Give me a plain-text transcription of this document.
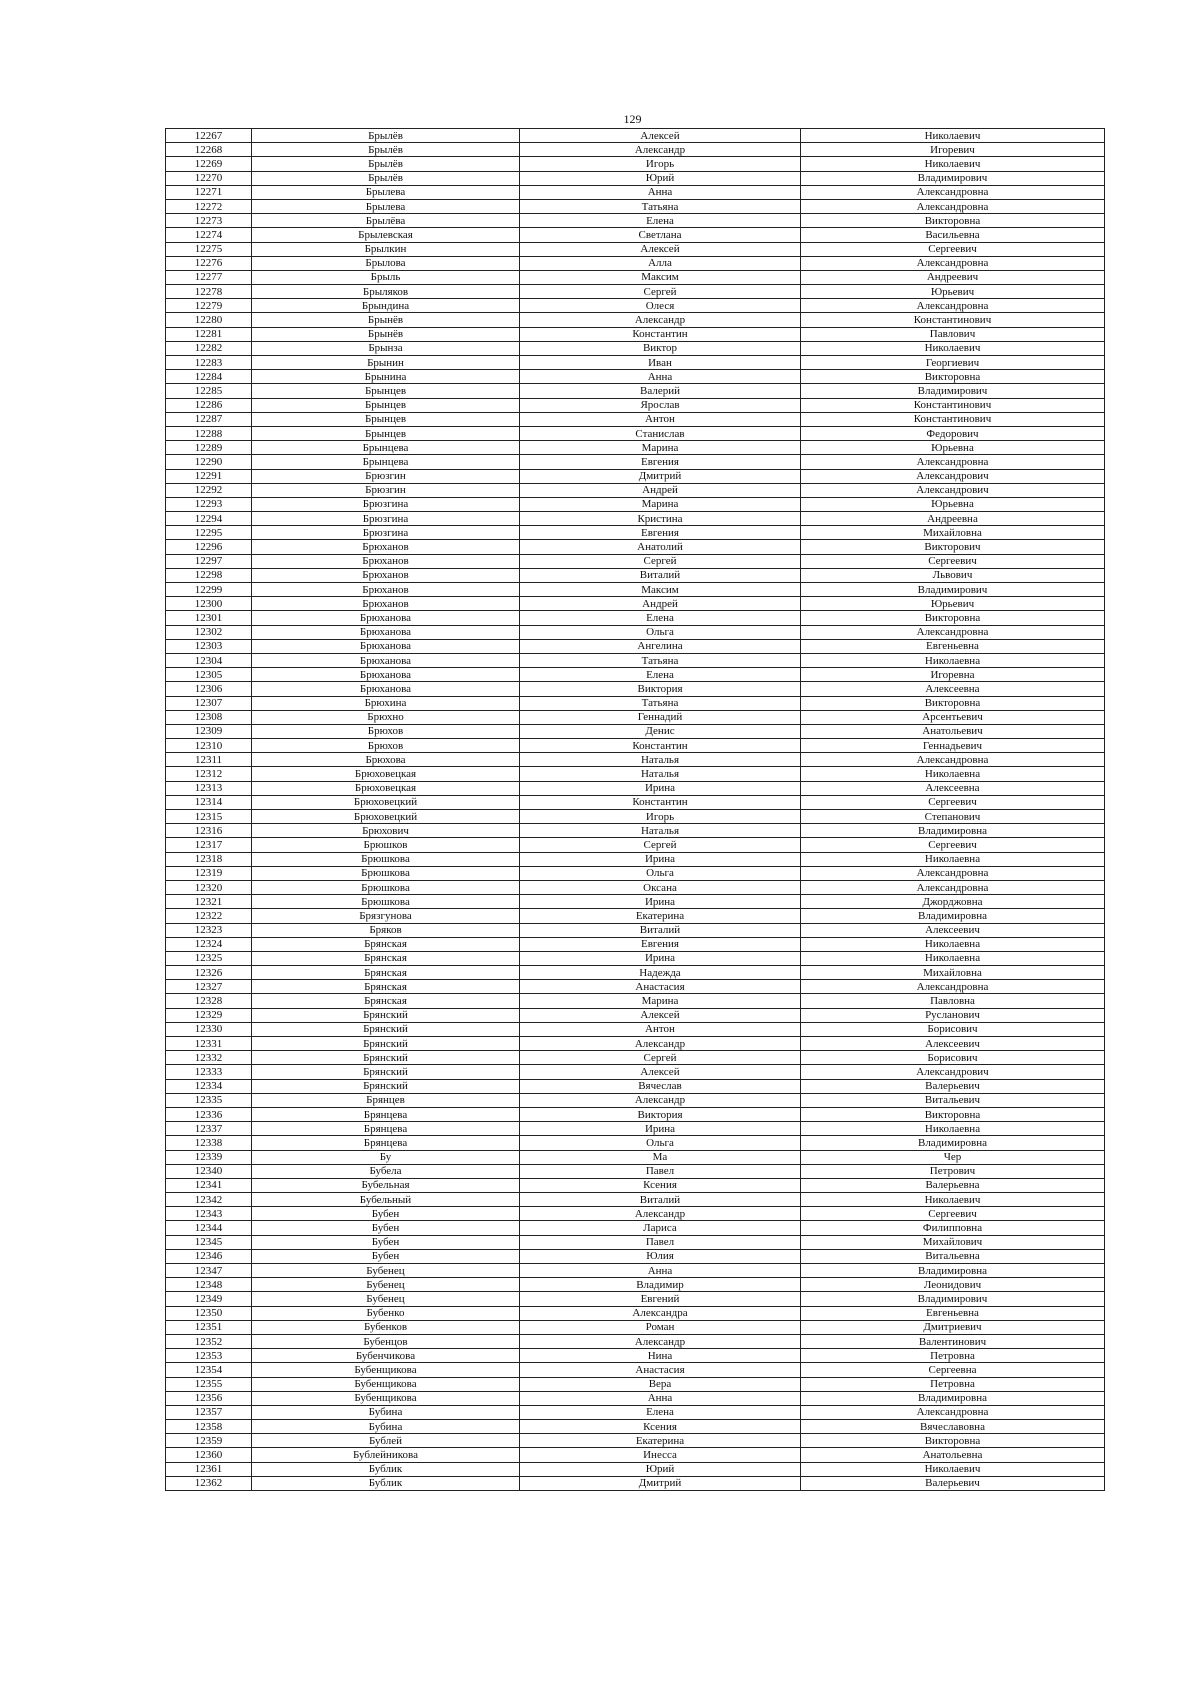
129
12267	Брылёв	Алексей	Николаевич
12268	Брылёв	Александр	Игоревич
12269	Брылёв	Игорь	Николаевич
12270	Брылёв	Юрий	Владимирович
12271	Брылева	Анна	Александровна
12272	Брылева	Татьяна	Александровна
12273	Брылёва	Елена	Викторовна
12274	Брылевская	Светлана	Васильевна
12275	Брылкин	Алексей	Сергеевич
12276	Брылова	Алла	Александровна
12277	Брыль	Максим	Андреевич
12278	Брыляков	Сергей	Юрьевич
12279	Брындина	Олеся	Александровна
12280	Брынёв	Александр	Константинович
12281	Брынёв	Константин	Павлович
12282	Брынза	Виктор	Николаевич
12283	Брынин	Иван	Георгиевич
12284	Брынина	Анна	Викторовна
12285	Брынцев	Валерий	Владимирович
12286	Брынцев	Ярослав	Константинович
12287	Брынцев	Антон	Константинович
12288	Брынцев	Станислав	Федорович
12289	Брынцева	Марина	Юрьевна
12290	Брынцева	Евгения	Александровна
12291	Брюзгин	Дмитрий	Александрович
12292	Брюзгин	Андрей	Александрович
12293	Брюзгина	Марина	Юрьевна
12294	Брюзгина	Кристина	Андреевна
12295	Брюзгина	Евгения	Михайловна
12296	Брюханов	Анатолий	Викторович
12297	Брюханов	Сергей	Сергеевич
12298	Брюханов	Виталий	Львович
12299	Брюханов	Максим	Владимирович
12300	Брюханов	Андрей	Юрьевич
12301	Брюханова	Елена	Викторовна
12302	Брюханова	Ольга	Александровна
12303	Брюханова	Ангелина	Евгеньевна
12304	Брюханова	Татьяна	Николаевна
12305	Брюханова	Елена	Игоревна
12306	Брюханова	Виктория	Алексеевна
12307	Брюхина	Татьяна	Викторовна
12308	Брюхно	Геннадий	Арсентьевич
12309	Брюхов	Денис	Анатольевич
12310	Брюхов	Константин	Геннадьевич
12311	Брюхова	Наталья	Александровна
12312	Брюховецкая	Наталья	Николаевна
12313	Брюховецкая	Ирина	Алексеевна
12314	Брюховецкий	Константин	Сергеевич
12315	Брюховецкий	Игорь	Степанович
12316	Брюхович	Наталья	Владимировна
12317	Брюшков	Сергей	Сергеевич
12318	Брюшкова	Ирина	Николаевна
12319	Брюшкова	Ольга	Александровна
12320	Брюшкова	Оксана	Александровна
12321	Брюшкова	Ирина	Джорджовна
12322	Брязгунова	Екатерина	Владимировна
12323	Бряков	Виталий	Алексеевич
12324	Брянская	Евгения	Николаевна
12325	Брянская	Ирина	Николаевна
12326	Брянская	Надежда	Михайловна
12327	Брянская	Анастасия	Александровна
12328	Брянская	Марина	Павловна
12329	Брянский	Алексей	Русланович
12330	Брянский	Антон	Борисович
12331	Брянский	Александр	Алексеевич
12332	Брянский	Сергей	Борисович
12333	Брянский	Алексей	Александрович
12334	Брянский	Вячеслав	Валерьевич
12335	Брянцев	Александр	Витальевич
12336	Брянцева	Виктория	Викторовна
12337	Брянцева	Ирина	Николаевна
12338	Брянцева	Ольга	Владимировна
12339	Бу	Ма	Чер
12340	Бубела	Павел	Петрович
12341	Бубельная	Ксения	Валерьевна
12342	Бубельный	Виталий	Николаевич
12343	Бубен	Александр	Сергеевич
12344	Бубен	Лариса	Филипповна
12345	Бубен	Павел	Михайлович
12346	Бубен	Юлия	Витальевна
12347	Бубенец	Анна	Владимировна
12348	Бубенец	Владимир	Леонидович
12349	Бубенец	Евгений	Владимирович
12350	Бубенко	Александра	Евгеньевна
12351	Бубенков	Роман	Дмитриевич
12352	Бубенцов	Александр	Валентинович
12353	Бубенчикова	Нина	Петровна
12354	Бубенщикова	Анастасия	Сергеевна
12355	Бубенщикова	Вера	Петровна
12356	Бубенщикова	Анна	Владимировна
12357	Бубина	Елена	Александровна
12358	Бубина	Ксения	Вячеславовна
12359	Бублей	Екатерина	Викторовна
12360	Бублейникова	Инесса	Анатольевна
12361	Бублик	Юрий	Николаевич
12362	Бублик	Дмитрий	Валерьевич
